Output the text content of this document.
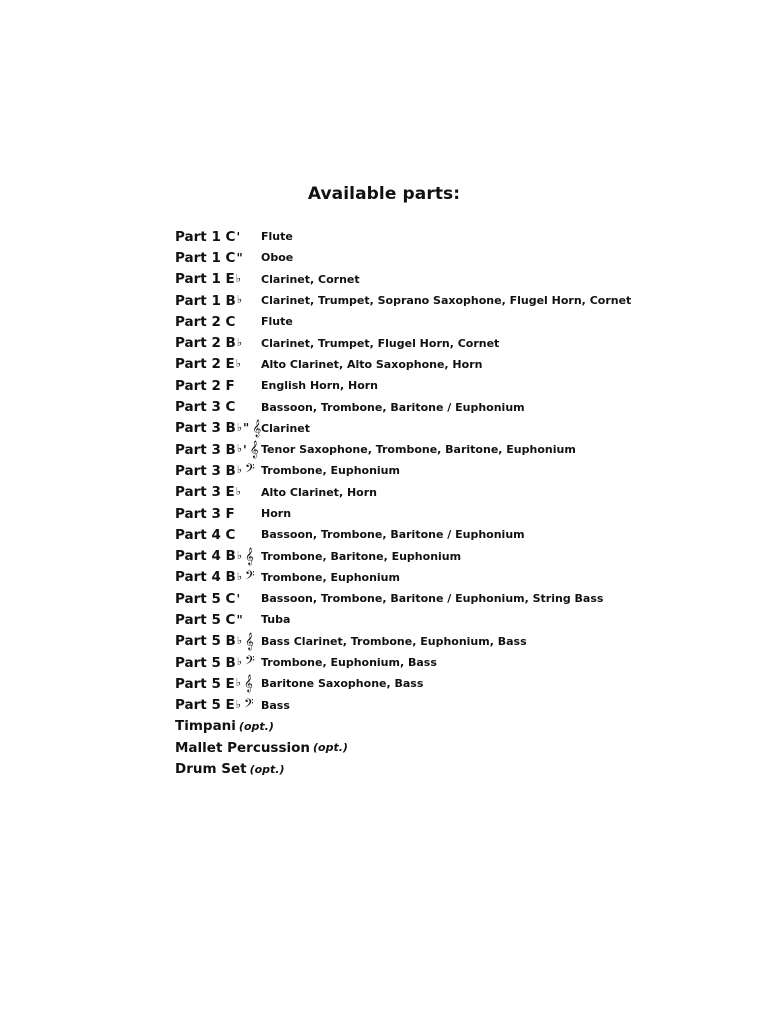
Available parts:
Part 1 C ' Flute
Part 1 C " Oboe
Part 1 E ♭ Clarinet, Cornet
Part 1 B ♭ Clarinet, Trumpet, Soprano Saxophone, Flugel Horn, Cornet
Part 2 C Flute
Part 2 B ♭ Clarinet, Trumpet, Flugel Horn, Cornet
Part 2 E ♭ Alto Clarinet, Alto Saxophone, Horn
Part 2 F English Horn, Horn
Part 3 C Bassoon, Trombone, Baritone / Euphonium
Part 3 B ♭ " 𝄞 Clarinet
Part 3 B ♭ ' 𝄞 Tenor Saxophone, Trombone, Baritone, Euphonium
Part 3 B ♭ 𝄢 Trombone, Euphonium
Part 3 E ♭ Alto Clarinet, Horn
Part 3 F Horn
Part 4 C Bassoon, Trombone, Baritone / Euphonium
Part 4 B ♭ 𝄞 Trombone, Baritone, Euphonium
Part 4 B ♭ 𝄢 Trombone, Euphonium
Part 5 C ' Bassoon, Trombone, Baritone / Euphonium, String Bass
Part 5 C " Tuba
Part 5 B ♭ 𝄞 Bass Clarinet, Trombone, Euphonium, Bass
Part 5 B ♭ 𝄢 Trombone, Euphonium, Bass
Part 5 E ♭ 𝄞 Baritone Saxophone, Bass
Part 5 E ♭ 𝄢 Bass
Timpani (opt.)
Mallet Percussion (opt.)
Drum Set (opt.)
